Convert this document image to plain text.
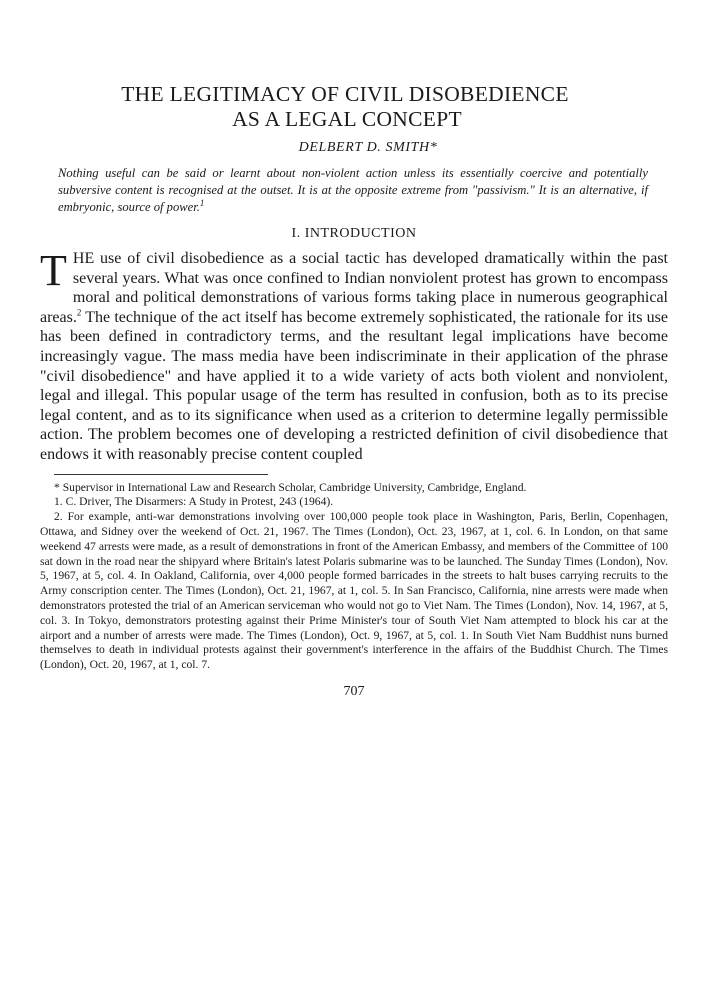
THE LEGITIMACY OF CIVIL DISOBEDIENCE
AS A LEGAL CONCEPT
DELBERT D. SMITH*

Nothing useful can be said or learnt about non-violent action unless its essentially coercive and potentially subversive content is recognised at the outset. It is at the opposite extreme from "passivism." It is an alternative, if embryonic, source of power.$^1$

I. INTRODUCTION

THE use of civil disobedience as a social tactic has developed dramatically within the past several years. What was once confined to Indian nonviolent protest has grown to encompass moral and political demonstrations of various forms taking place in numerous geographical areas.$^2$ The technique of the act itself has become extremely sophisticated, the rationale for its use has been defined in contradictory terms, and the resultant legal implications have become increasingly vague. The mass media have been indiscriminate in their application of the phrase "civil disobedience" and have applied it to a wide variety of acts both violent and nonviolent, legal and illegal. This popular usage of the term has resulted in confusion, both as to its precise legal content, and as to its significance when used as a criterion to determine legally permissible action. The problem becomes one of developing a restricted definition of civil disobedience that endows it with reasonably precise content coupled

* Supervisor in International Law and Research Scholar, Cambridge University, Cambridge, England.

1. C. Driver, The Disarmers: A Study in Protest, 243 (1964).

2. For example, anti-war demonstrations involving over 100,000 people took place in Washington, Paris, Berlin, Copenhagen, Ottawa, and Sidney over the weekend of Oct. 21, 1967. The Times (London), Oct. 23, 1967, at 1, col. 6. In London, on that same weekend 47 arrests were made, as a result of demonstrations in front of the American Embassy, and members of the Committee of 100 sat down in the road near the shipyard where Britain's latest Polaris submarine was to be launched. The Sunday Times (London), Nov. 5, 1967, at 5, col. 4. In Oakland, California, over 4,000 people formed barricades in the streets to halt buses carrying recruits to the Army conscription center. The Times (London), Oct. 21, 1967, at 1, col. 5. In San Francisco, California, nine arrests were made when demonstrators protested the trial of an American serviceman who would not go to Viet Nam. The Times (London), Nov. 14, 1967, at 5, col. 3. In Tokyo, demonstrators protesting against their Prime Minister's tour of South Viet Nam attempted to block his car at the airport and a number of arrests were made. The Times (London), Oct. 9, 1967, at 5, col. 1. In South Viet Nam Buddhist nuns burned themselves to death in individual protests against their government's interference in the affairs of the Buddhist Church. The Times (London), Oct. 20, 1967, at 1, col. 7.

707
